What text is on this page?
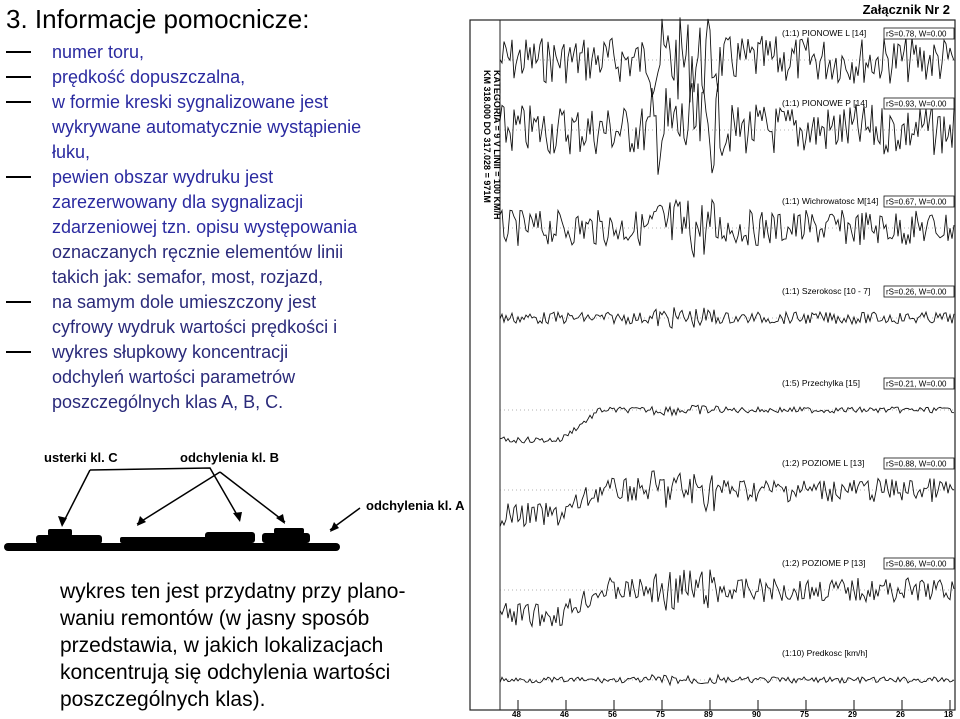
3. Informacje pomocnicze:	Załącznik Nr 2
numer toru,
prędkość dopuszczalna,
w formie kreski sygnalizowane jest
wykrywane automatycznie wystąpienie
łuku,
pewien obszar wydruku jest
zarezerwowany dla sygnalizacji
zdarzeniowej tzn. opisu występowania
oznaczanych ręcznie elementów linii
takich jak: semafor, most, rozjazd,
na samym dole umieszczony jest
cyfrowy wydruk wartości prędkości i
wykres słupkowy koncentracji
odchyleń wartości parametrów
poszczególnych klas A, B, C.
usterki kl. C	odchylenia kl. B
odchylenia kl. A
KM 318.000 DO 317.028 = 971M KATEGORIA = 9 V LINII = 100 KM/H
(1:1) PIONOWE L [14] rS=0.78, W=0.00
(1:1) PIONOWE P [14] rS=0.93, W=0.00
(1:1) Wichrowatosc M[14] rS=0.67, W=0.00
(1:1) Szerokosc [10 - 7] rS=0.26, W=0.00
(1:5) Przechylka [15]	rS=0.21, W=0.00
(1:2) POZIOME L [13]	rS=0.88, W=0.00
(1:2) POZIOME P [13]	rS=0.86, W=0.00
(1:10) Predkosc [km/h]
48	46	56	75	89	90	75	29	26	18
wykres ten jest przydatny przy plano-
waniu remontów (w jasny sposób
przedstawia, w jakich lokalizacjach
koncentrują się odchylenia wartości
poszczególnych klas).
